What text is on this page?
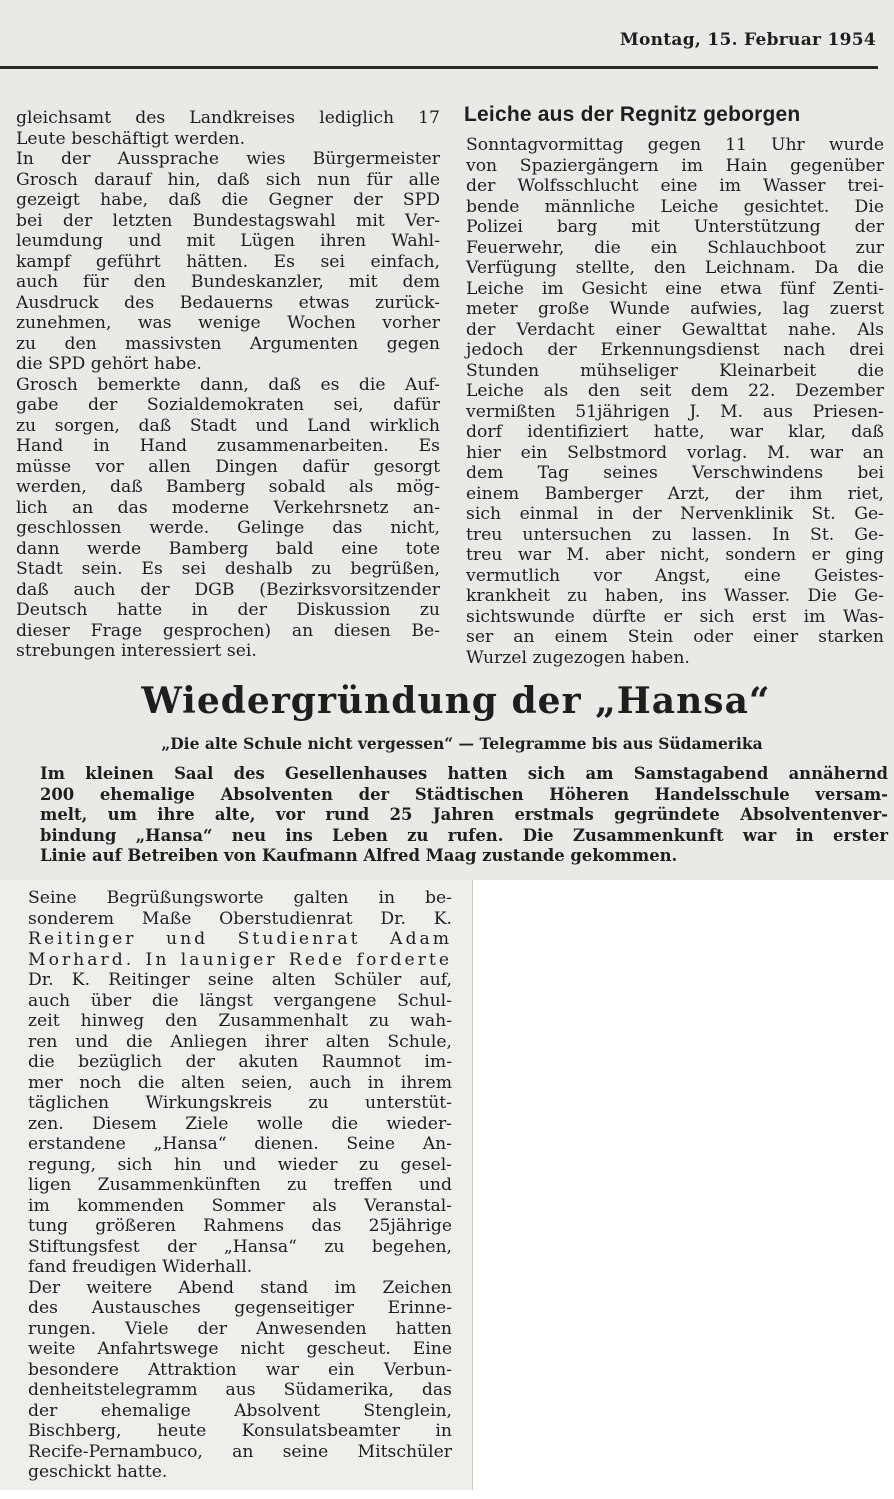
Montag, 15. Februar 1954

gleichsamt des Landkreises lediglich 17
Leute beschäftigt werden.

In der Aussprache wies Bürgermeister
Grosch darauf hin, daß sich nun für alle
gezeigt habe, daß die Gegner der SPD
bei der letzten Bundestagswahl mit Ver-
leumdung und mit Lügen ihren Wahl-
kampf geführt hätten. Es sei einfach,
auch für den Bundeskanzler, mit dem
Ausdruck des Bedauerns etwas zurück-
zunehmen, was wenige Wochen vorher
zu den massivsten Argumenten gegen
die SPD gehört habe.

Grosch bemerkte dann, daß es die Auf-
gabe der Sozialdemokraten sei, dafür
zu sorgen, daß Stadt und Land wirklich
Hand in Hand zusammenarbeiten. Es
müsse vor allen Dingen dafür gesorgt
werden, daß Bamberg sobald als mög-
lich an das moderne Verkehrsnetz an-
geschlossen werde. Gelinge das nicht,
dann werde Bamberg bald eine tote
Stadt sein. Es sei deshalb zu begrüßen,
daß auch der DGB (Bezirksvorsitzender
Deutsch hatte in der Diskussion zu
dieser Frage gesprochen) an diesen Be-
strebungen interessiert sei.

Leiche aus der Regnitz geborgen
Sonntagvormittag gegen 11 Uhr wurde
von Spaziergängern im Hain gegenüber
der Wolfsschlucht eine im Wasser trei-
bende männliche Leiche gesichtet. Die
Polizei barg mit Unterstützung der
Feuerwehr, die ein Schlauchboot zur
Verfügung stellte, den Leichnam. Da die
Leiche im Gesicht eine etwa fünf Zenti-
meter große Wunde aufwies, lag zuerst
der Verdacht einer Gewalttat nahe. Als
jedoch der Erkennungsdienst nach drei
Stunden mühseliger Kleinarbeit die
Leiche als den seit dem 22. Dezember
vermißten 51jährigen J. M. aus Priesen-
dorf identifiziert hatte, war klar, daß
hier ein Selbstmord vorlag. M. war an
dem Tag seines Verschwindens bei
einem Bamberger Arzt, der ihm riet,
sich einmal in der Nervenklinik St. Ge-
treu untersuchen zu lassen. In St. Ge-
treu war M. aber nicht, sondern er ging
vermutlich vor Angst, eine Geistes-
krankheit zu haben, ins Wasser. Die Ge-
sichtswunde dürfte er sich erst im Was-
ser an einem Stein oder einer starken
Wurzel zugezogen haben.
Wiedergründung der „Hansa“
„Die alte Schule nicht vergessen“ — Telegramme bis aus Südamerika
Im kleinen Saal des Gesellenhauses hatten sich am Samstagabend annähernd
200 ehemalige Absolventen der Städtischen Höheren Handelsschule versam-
melt, um ihre alte, vor rund 25 Jahren erstmals gegründete Absolventenver-
bindung „Hansa“ neu ins Leben zu rufen. Die Zusammenkunft war in erster
Linie auf Betreiben von Kaufmann Alfred Maag zustande gekommen.

Seine Begrüßungsworte galten in be-
sonderem Maße Oberstudienrat Dr. K.
Reitinger und Studienrat Adam
Morhard. In launiger Rede forderte
Dr. K. Reitinger seine alten Schüler auf,
auch über die längst vergangene Schul-
zeit hinweg den Zusammenhalt zu wah-
ren und die Anliegen ihrer alten Schule,
die bezüglich der akuten Raumnot im-
mer noch die alten seien, auch in ihrem
täglichen Wirkungskreis zu unterstüt-
zen. Diesem Ziele wolle die wieder-
erstandene „Hansa“ dienen. Seine An-
regung, sich hin und wieder zu gesel-
ligen Zusammenkünften zu treffen und
im kommenden Sommer als Veranstal-
tung größeren Rahmens das 25jährige
Stiftungsfest der „Hansa“ zu begehen,
fand freudigen Widerhall.

Der weitere Abend stand im Zeichen
des Austausches gegenseitiger Erinne-
rungen. Viele der Anwesenden hatten
weite Anfahrtswege nicht gescheut. Eine
besondere Attraktion war ein Verbun-
denheitstelegramm aus Südamerika, das
der ehemalige Absolvent Stenglein,
Bischberg, heute Konsulatsbeamter in
Recife-Pernambuco, an seine Mitschüler
geschickt hatte.
